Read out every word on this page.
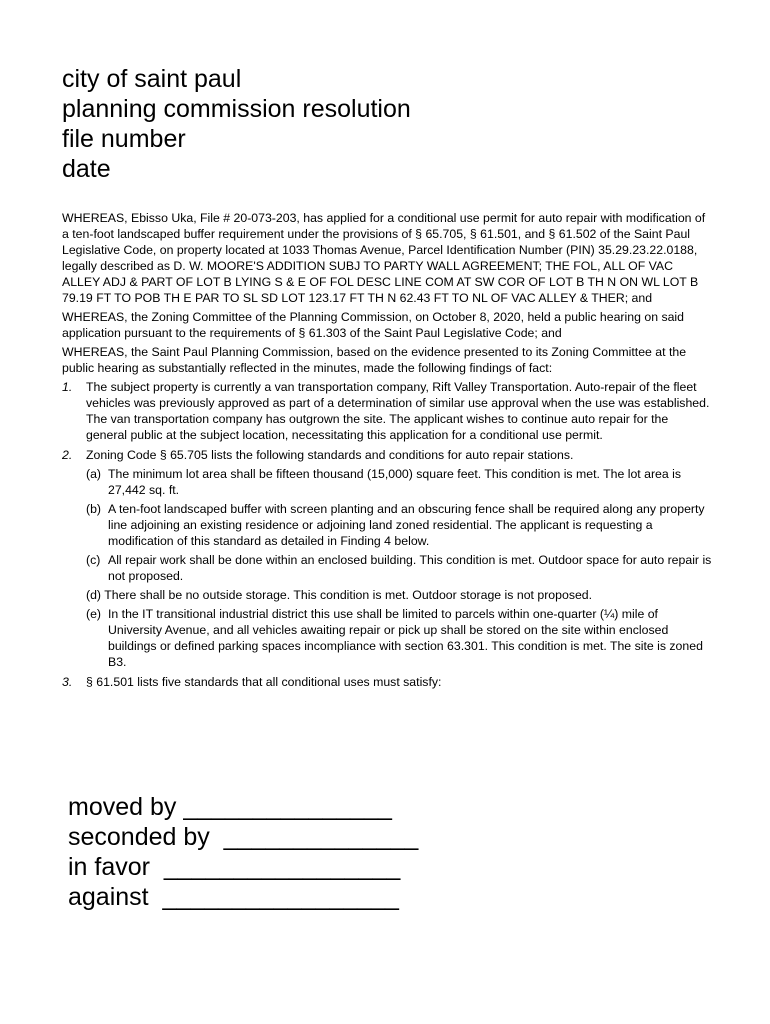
city of saint paul
planning commission resolution
file number
date

WHEREAS, Ebisso Uka, File # 20-073-203, has applied for a conditional use permit for auto repair with modification of a ten-foot landscaped buffer requirement under the provisions of § 65.705, § 61.501, and § 61.502 of the Saint Paul Legislative Code, on property located at 1033 Thomas Avenue, Parcel Identification Number (PIN) 35.29.23.22.0188, legally described as D. W. MOORE'S ADDITION SUBJ TO PARTY WALL AGREEMENT; THE FOL, ALL OF VAC ALLEY ADJ & PART OF LOT B LYING S & E OF FOL DESC LINE COM AT SW COR OF LOT B TH N ON WL LOT B 79.19 FT TO POB TH E PAR TO SL SD LOT 123.17 FT TH N 62.43 FT TO NL OF VAC ALLEY & THER; and

WHEREAS, the Zoning Committee of the Planning Commission, on October 8, 2020, held a public hearing on said application pursuant to the requirements of § 61.303 of the Saint Paul Legislative Code; and

WHEREAS, the Saint Paul Planning Commission, based on the evidence presented to its Zoning Committee at the public hearing as substantially reflected in the minutes, made the following findings of fact:

1. The subject property is currently a van transportation company, Rift Valley Transportation. Auto-repair of the fleet vehicles was previously approved as part of a determination of similar use approval when the use was established. The van transportation company has outgrown the site. The applicant wishes to continue auto repair for the general public at the subject location, necessitating this application for a conditional use permit.
2. Zoning Code § 65.705 lists the following standards and conditions for auto repair stations.
(a) The minimum lot area shall be fifteen thousand (15,000) square feet. This condition is met. The lot area is 27,442 sq. ft.
(b) A ten-foot landscaped buffer with screen planting and an obscuring fence shall be required along any property line adjoining an existing residence or adjoining land zoned residential. The applicant is requesting a modification of this standard as detailed in Finding 4 below.
(c) All repair work shall be done within an enclosed building. This condition is met. Outdoor space for auto repair is not proposed.
(d) There shall be no outside storage. This condition is met. Outdoor storage is not proposed.
(e) In the IT transitional industrial district this use shall be limited to parcels within one-quarter (¼) mile of University Avenue, and all vehicles awaiting repair or pick up shall be stored on the site within enclosed buildings or defined parking spaces incompliance with section 63.301. This condition is met. The site is zoned B3.
3. § 61.501 lists five standards that all conditional uses must satisfy:
moved by _______________
seconded by  ______________
in favor  _________________
against  _________________
